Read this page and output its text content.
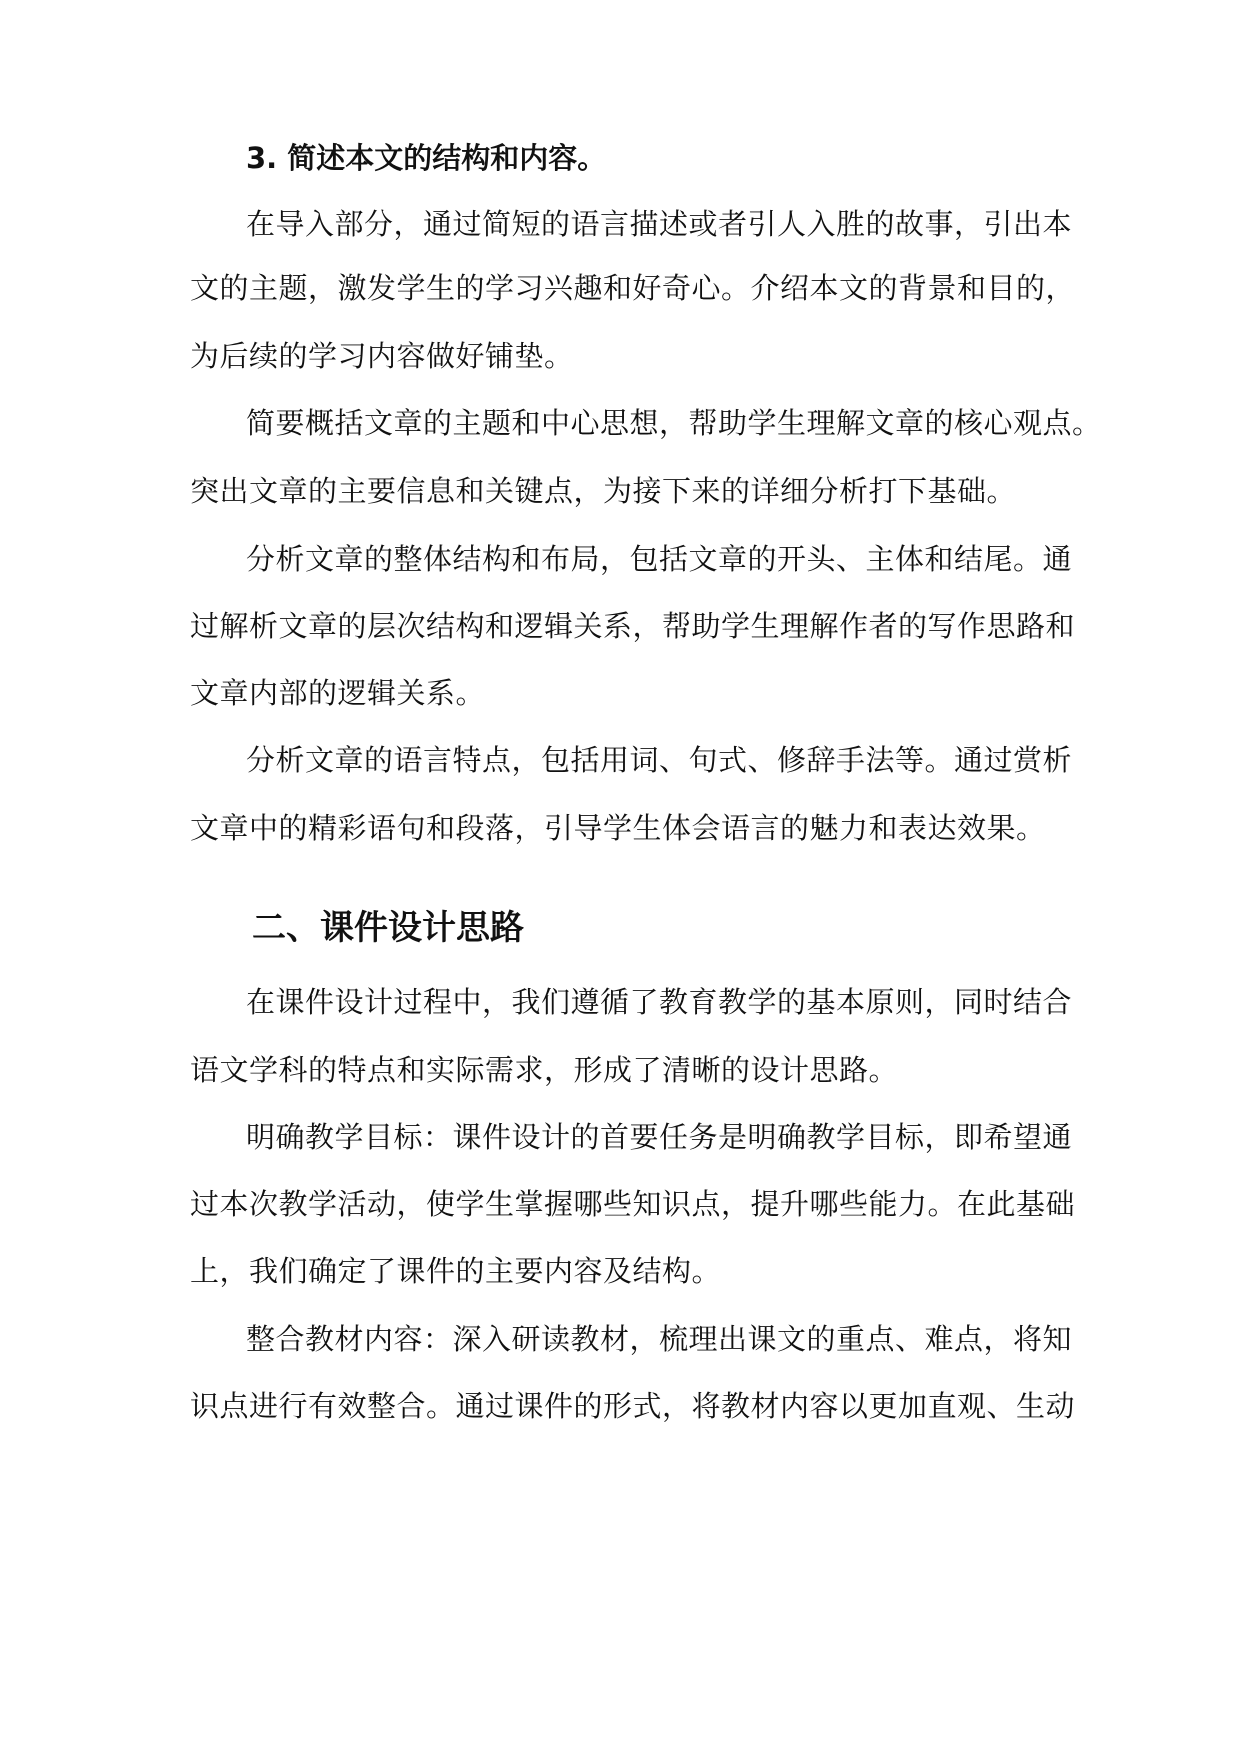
3. 简述本文的结构和内容。
在导入部分，通过简短的语言描述或者引人入胜的故事，引出本
文的主题，激发学生的学习兴趣和好奇心。介绍本文的背景和目的，
为后续的学习内容做好铺垫。
简要概括文章的主题和中心思想，帮助学生理解文章的核心观点。
突出文章的主要信息和关键点，为接下来的详细分析打下基础。
分析文章的整体结构和布局，包括文章的开头、主体和结尾。通
过解析文章的层次结构和逻辑关系，帮助学生理解作者的写作思路和
文章内部的逻辑关系。
分析文章的语言特点，包括用词、句式、修辞手法等。通过赏析
文章中的精彩语句和段落，引导学生体会语言的魅力和表达效果。
二、课件设计思路
在课件设计过程中，我们遵循了教育教学的基本原则，同时结合
语文学科的特点和实际需求，形成了清晰的设计思路。
明确教学目标：课件设计的首要任务是明确教学目标，即希望通
过本次教学活动，使学生掌握哪些知识点，提升哪些能力。在此基础
上，我们确定了课件的主要内容及结构。
整合教材内容：深入研读教材，梳理出课文的重点、难点，将知
识点进行有效整合。通过课件的形式，将教材内容以更加直观、生动
